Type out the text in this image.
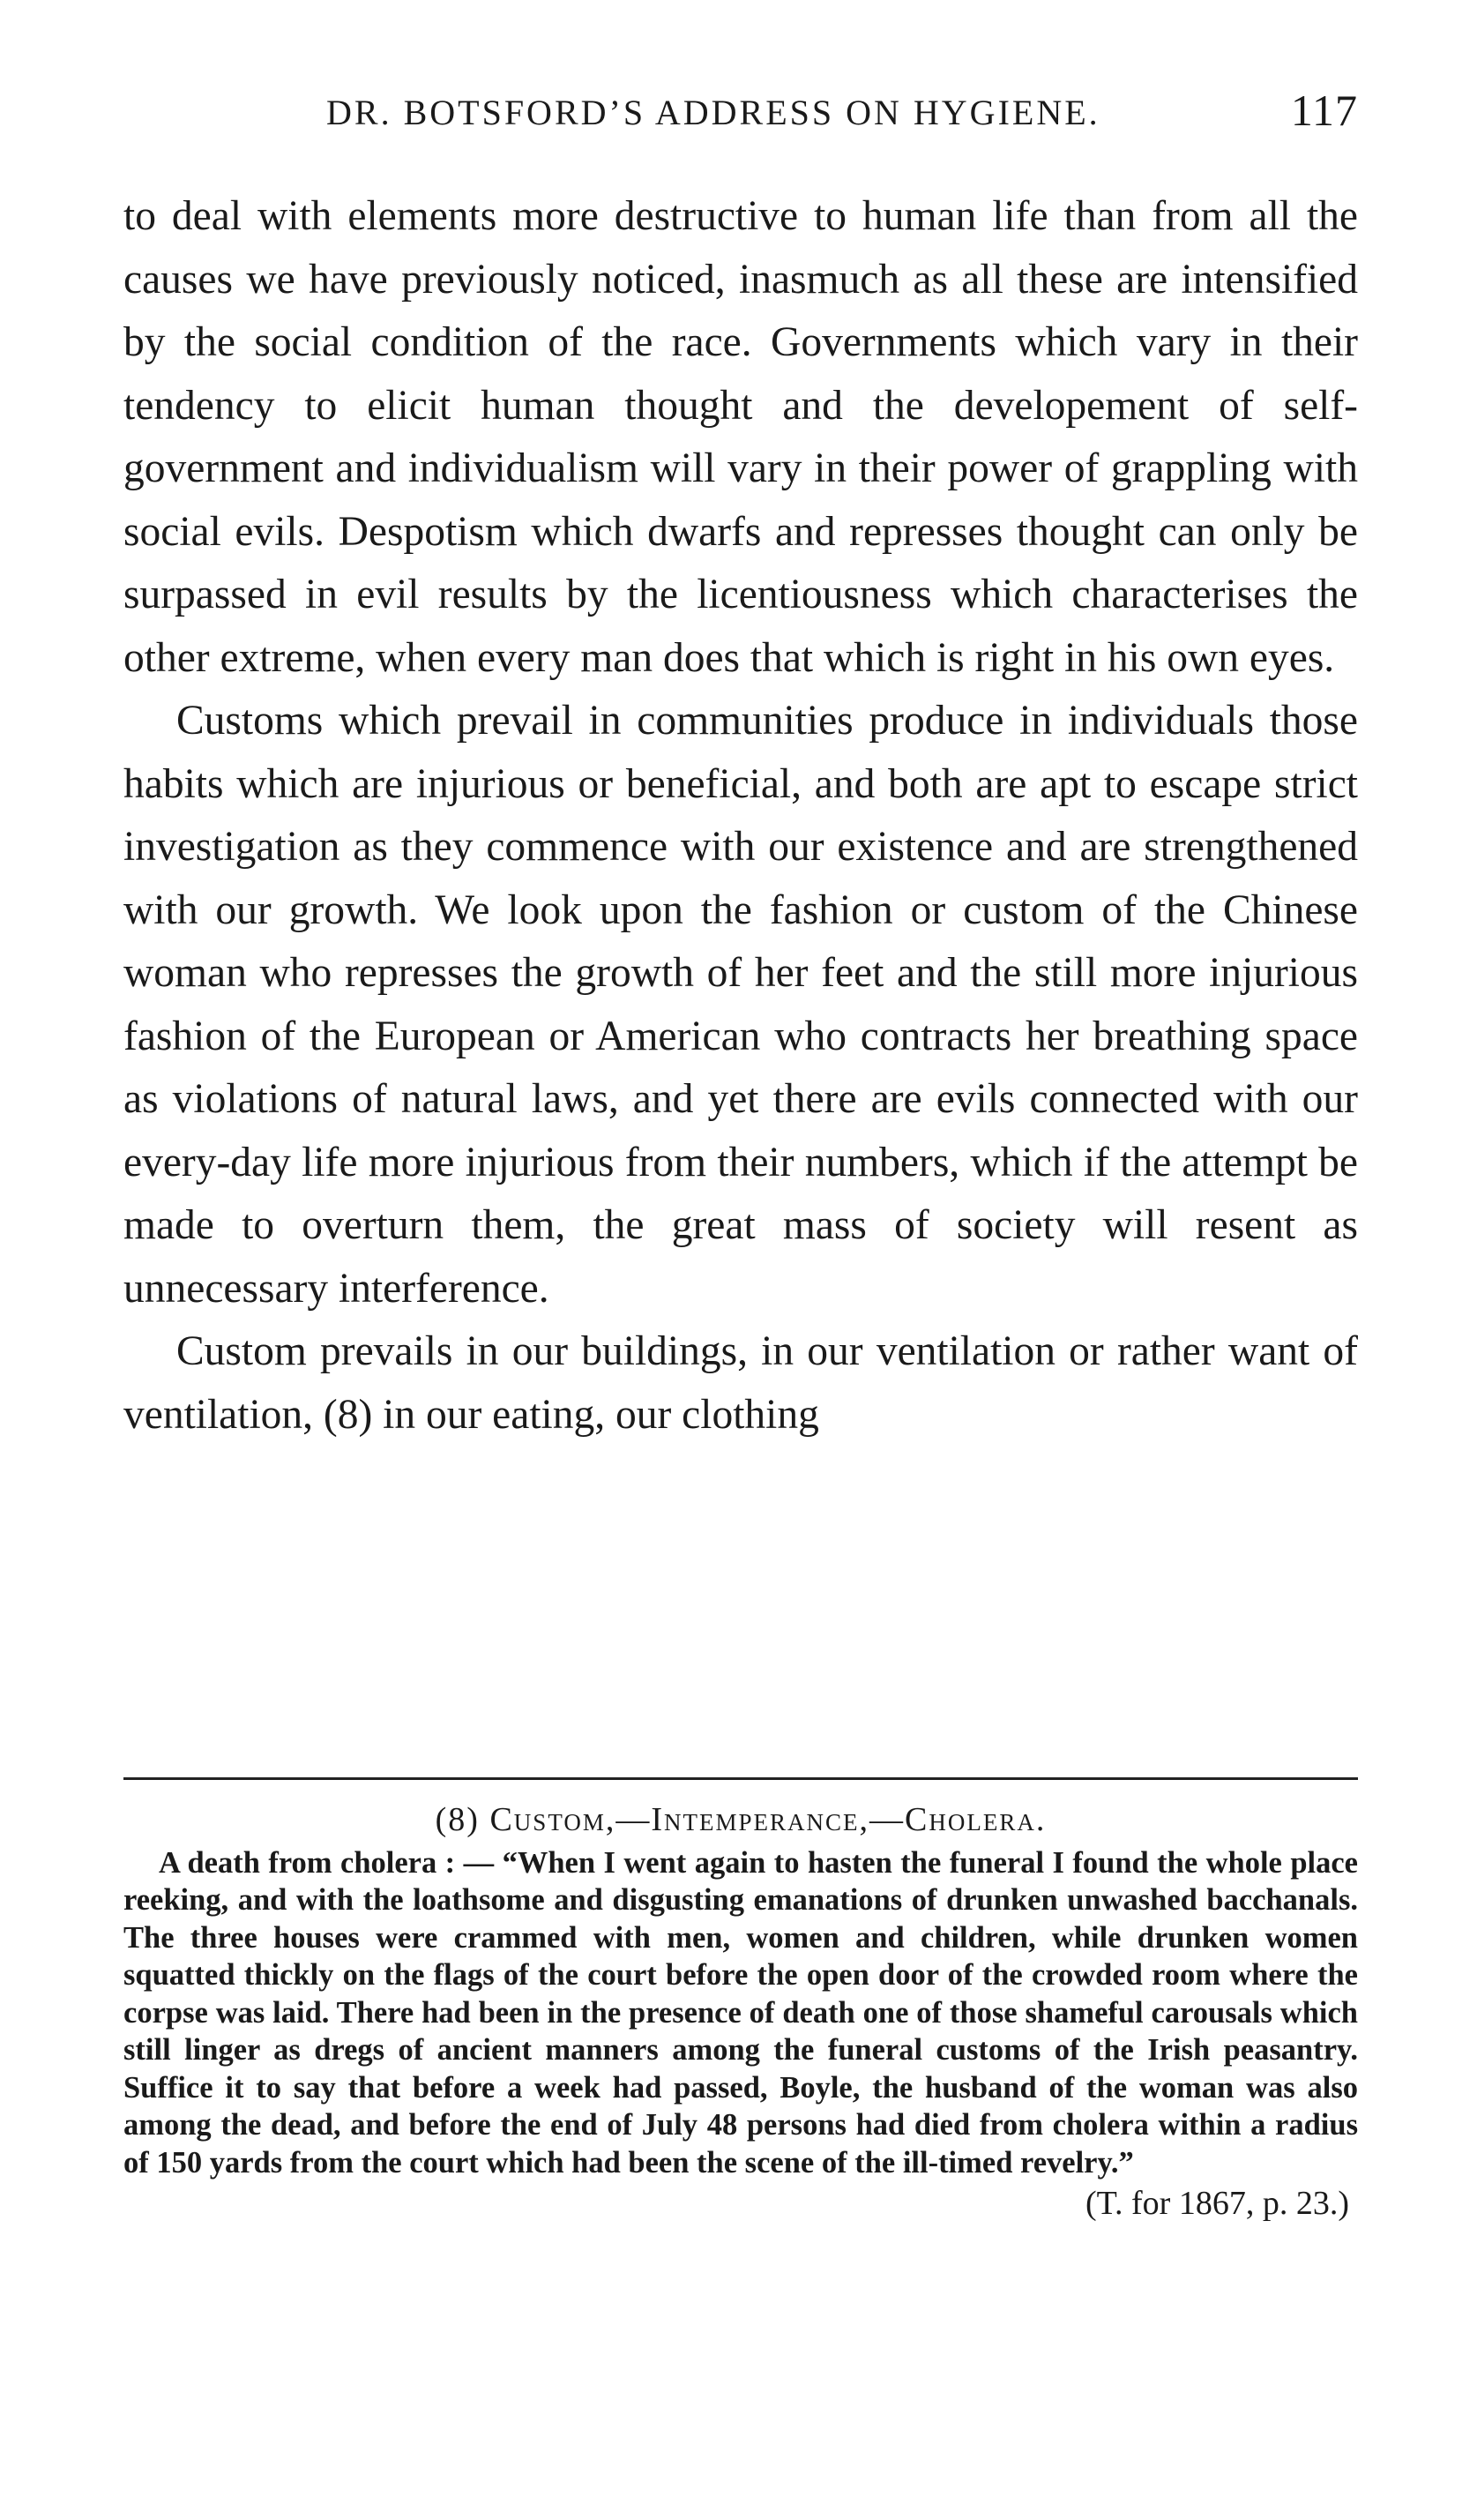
DR. BOTSFORD’S ADDRESS ON HYGIENE.	117

to deal with elements more destructive to human life than from all the causes we have previously noticed, inasmuch as all these are intensified by the social condition of the race. Governments which vary in their tendency to elicit human thought and the developement of self-government and individualism will vary in their power of grappling with social evils. Despotism which dwarfs and represses thought can only be surpassed in evil results by the licentiousness which characterises the other extreme, when every man does that which is right in his own eyes.

Customs which prevail in communities produce in individuals those habits which are injurious or beneficial, and both are apt to escape strict investigation as they commence with our existence and are strengthened with our growth. We look upon the fashion or custom of the Chinese woman who represses the growth of her feet and the still more injurious fashion of the European or American who contracts her breathing space as violations of natural laws, and yet there are evils connected with our every-day life more injurious from their numbers, which if the attempt be made to overturn them, the great mass of society will resent as unnecessary interference.

Custom prevails in our buildings, in our ventilation or rather want of ventilation, (8) in our eating, our clothing

(8) Custom,—Intemperance,—Cholera.

A death from cholera : — “When I went again to hasten the funeral I found the whole place reeking, and with the loathsome and disgusting emanations of drunken unwashed bacchanals. The three houses were crammed with men, women and children, while drunken women squatted thickly on the flags of the court before the open door of the crowded room where the corpse was laid. There had been in the presence of death one of those shameful carousals which still linger as dregs of ancient manners among the funeral customs of the Irish peasantry. Suffice it to say that before a week had passed, Boyle, the husband of the woman was also among the dead, and before the end of July 48 persons had died from cholera within a radius of 150 yards from the court which had been the scene of the ill-timed revelry.”

(T. for 1867, p. 23.)
